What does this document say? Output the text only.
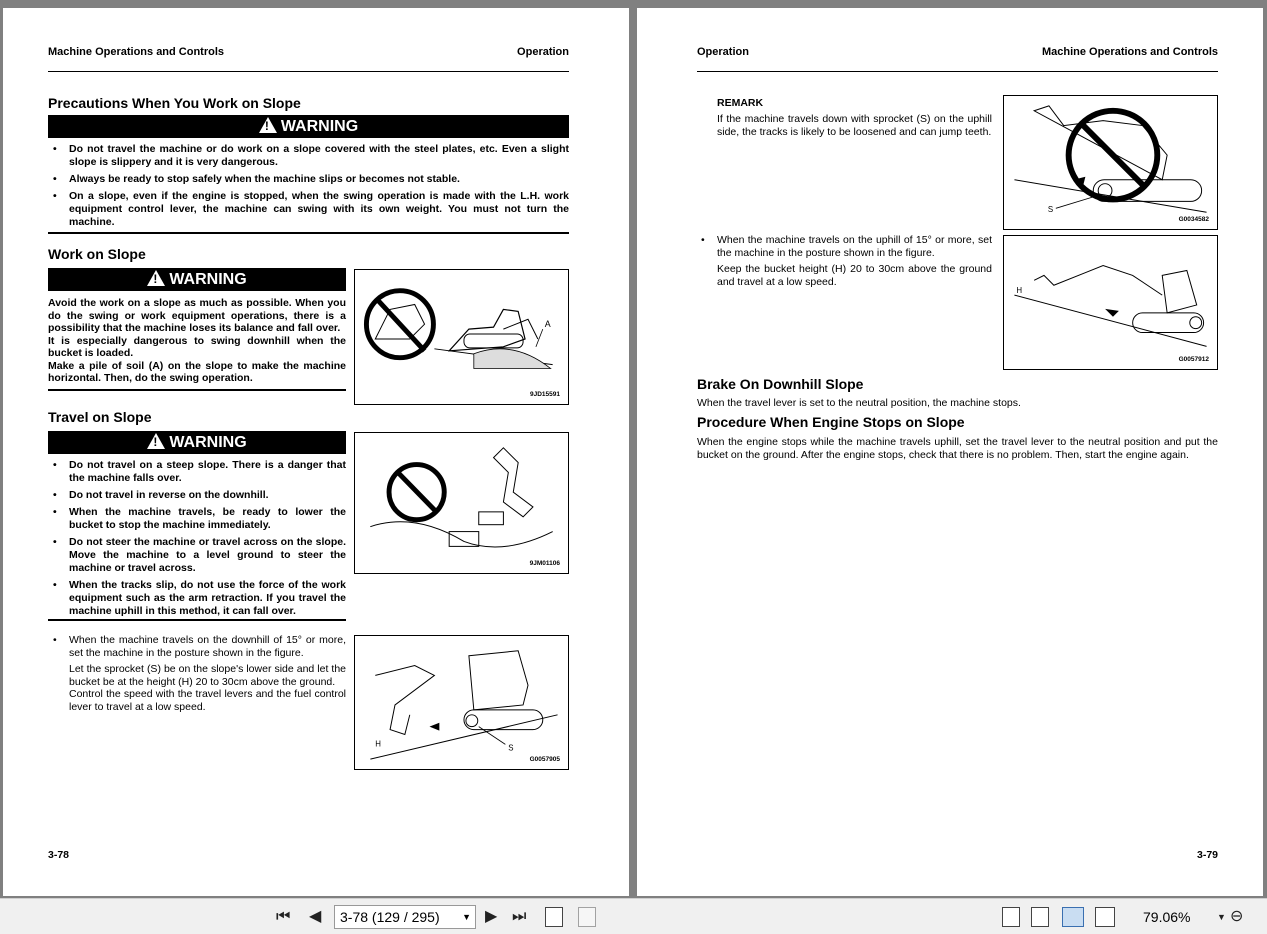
Machine Operations and Controls	Operation
Precautions When You Work on Slope
!WARNING
• Do not travel the machine or do work on a slope covered with the steel plates, etc. Even a slight slope is slippery and it is very dangerous.
• Always be ready to stop safely when the machine slips or becomes not stable.
• On a slope, even if the engine is stopped, when the swing operation is made with the L.H. work equipment control lever, the machine can swing with its own weight. You must not turn the machine.
Work on Slope
!WARNING
Avoid the work on a slope as much as possible. When you do the swing or work equipment operations, there is a possibility that the machine loses its balance and fall over.
It is especially dangerous to swing downhill when the bucket is loaded.
Make a pile of soil (A) on the slope to make the machine horizontal. Then, do the swing operation.
A
9JD15591
Travel on Slope
!WARNING
• Do not travel on a steep slope. There is a danger that the machine falls over.
• Do not travel in reverse on the downhill.
• When the machine travels, be ready to lower the bucket to stop the machine immediately.
• Do not steer the machine or travel across on the slope. Move the machine to a level ground to steer the machine or travel across.
• When the tracks slip, do not use the force of the work equipment such as the arm retraction. If you travel the machine uphill in this method, it can fall over.
9JM01106
• When the machine travels on the downhill of 15° or more, set the machine in the posture shown in the figure.

Let the sprocket (S) be on the slope's lower side and let the bucket be at the height (H) 20 to 30cm above the ground.

Control the speed with the travel levers and the fuel control lever to travel at a low speed.

H	S
G0057905
3-78
Operation	Machine Operations and Controls
REMARK
If the machine travels down with sprocket (S) on the uphill side, the tracks is likely to be loosened and can jump teeth.
S
G0034582
• When the machine travels on the uphill of 15° or more, set the machine in the posture shown in the figure.

Keep the bucket height (H) 20 to 30cm above the ground and travel at a low speed.

H
G0057912
Brake On Downhill Slope
When the travel lever is set to the neutral position, the machine stops.
Procedure When Engine Stops on Slope
When the engine stops while the machine travels uphill, set the travel lever to the neutral position and put the bucket on the ground. After the engine stops, check that there is no problem. Then, start the engine again.
3-79
⏮ ◀	3-78 (129 / 295) ▼ ▶ ⏭	79.06%	▼ ⊖
